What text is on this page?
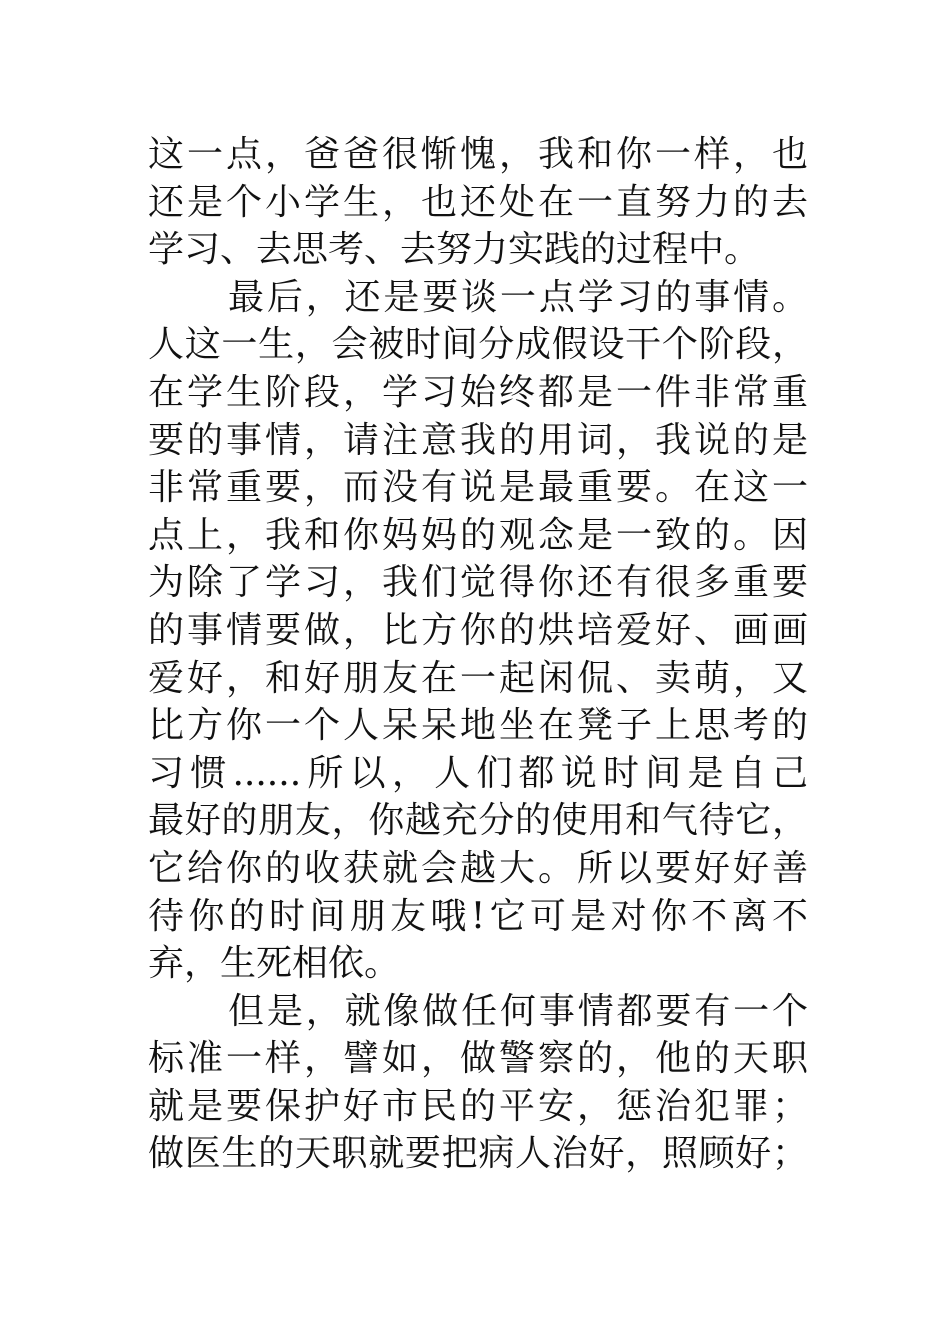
这一点，爸爸很惭愧，我和你一样，也
还是个小学生，也还处在一直努力的去
学习、去思考、去努力实践的过程中。
最后，还是要谈一点学习的事情。
人这一生，会被时间分成假设干个阶段，
在学生阶段，学习始终都是一件非常重
要的事情，请注意我的用词，我说的是
非常重要，而没有说是最重要。在这一
点上，我和你妈妈的观念是一致的。因
为除了学习，我们觉得你还有很多重要
的事情要做，比方你的烘培爱好、画画
爱好，和好朋友在一起闲侃、卖萌，又
比方你一个人呆呆地坐在凳子上思考的
习惯......所以，人们都说时间是自己
最好的朋友，你越充分的使用和气待它，
它给你的收获就会越大。所以要好好善
待你的时间朋友哦!它可是对你不离不
弃，生死相依。
但是，就像做任何事情都要有一个
标准一样，譬如，做警察的，他的天职
就是要保护好市民的平安，惩治犯罪；
做医生的天职就要把病人治好，照顾好；
